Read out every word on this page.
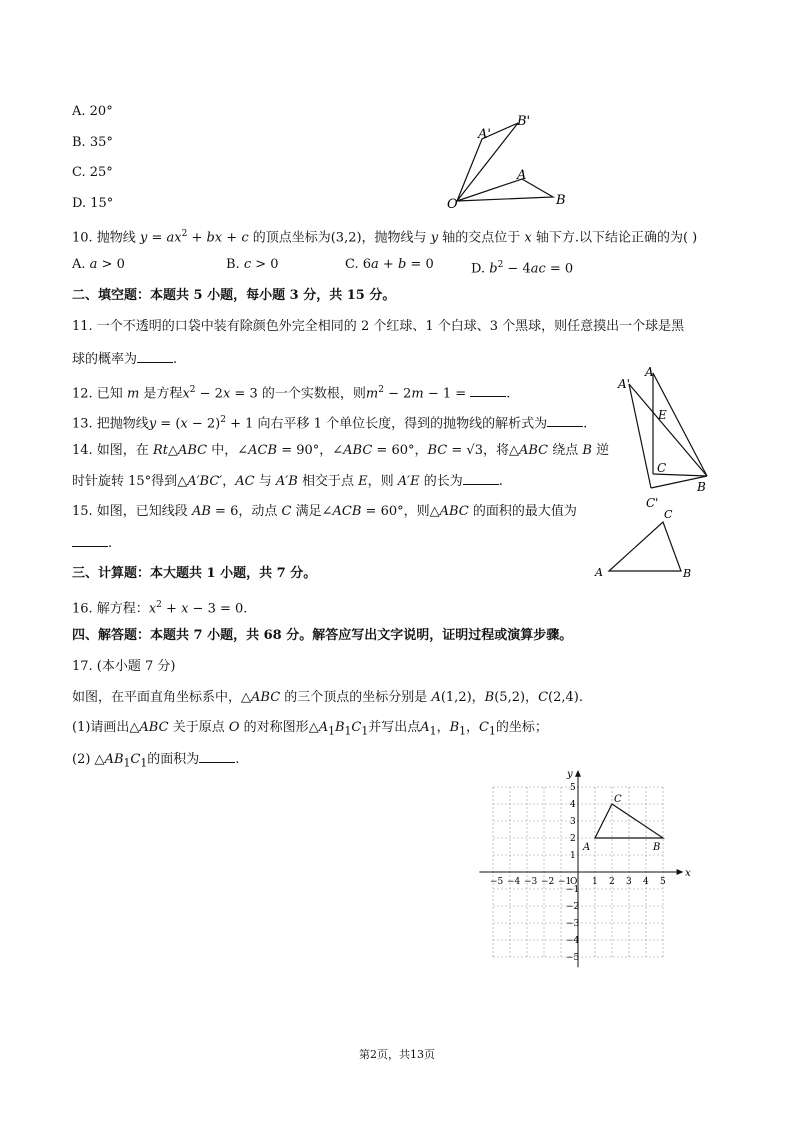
A. 20°
B. 35°
C. 25°
D. 15°
A'
B'
A
B
O
10. 抛物线 $y = ax^2$ + bx + c 的顶点坐标为(3,2)，抛物线与 y 轴的交点位于 x 轴下方.以下结论正确的为( )
A. a > 0	B. c > 0	C. 6a + b = 0	D. $b^2 - 4ac = 0$
二、填空题：本题共 5 小题，每小题 3 分，共 15 分。
11. 一个不透明的口袋中装有除颜色外完全相同的 2 个红球、1 个白球、3 个黑球，则任意摸出一个球是黑
球的概率为	.
12. 已知 m 是方程$x^2 - 2x = 3$ 的一个实数根，则$m^2 - 2m - 1$ =	.
13. 把抛物线$y = (x - 2)^2 + 1$ 向右平移 1 个单位长度，得到的抛物线的解析式为	.
14. 如图，在 Rt△ABC 中，∠ACB = 90°，∠ABC = 60°，BC = √3，将△ABC 绕点 B 逆
时针旋转 15°得到△A′BC′，AC 与 A′B 相交于点 E，则 A′E 的长为	.
A'
A
E
C
B
C'
15. 如图，已知线段 AB = 6，动点 C 满足∠ACB = 60°，则△ABC 的面积的最大值为
.
C
A	B
三、计算题：本大题共 1 小题，共 7 分。
16. 解方程：$x^2 + x - 3 = 0$.
四、解答题：本题共 7 小题，共 68 分。解答应写出文字说明，证明过程或演算步骤。
17. (本小题 7 分)
如图，在平面直角坐标系中，△ABC 的三个顶点的坐标分别是 A(1,2)，B(5,2)，C(2,4).
(1)请画出△ABC 关于原点 O 的对称图形$\triangle A_1B_1C_1$并写出点$A_1$，$B_1$，$C_1$的坐标；
(2) $\triangle AB_1C_1$的面积为	.
−5 −4 −3 −2 −1
O 1 2 3 4 5
5
4
3
2
1
−1
−2
−3
−4
−5
x
y
A	B
C
第2页，共13页
